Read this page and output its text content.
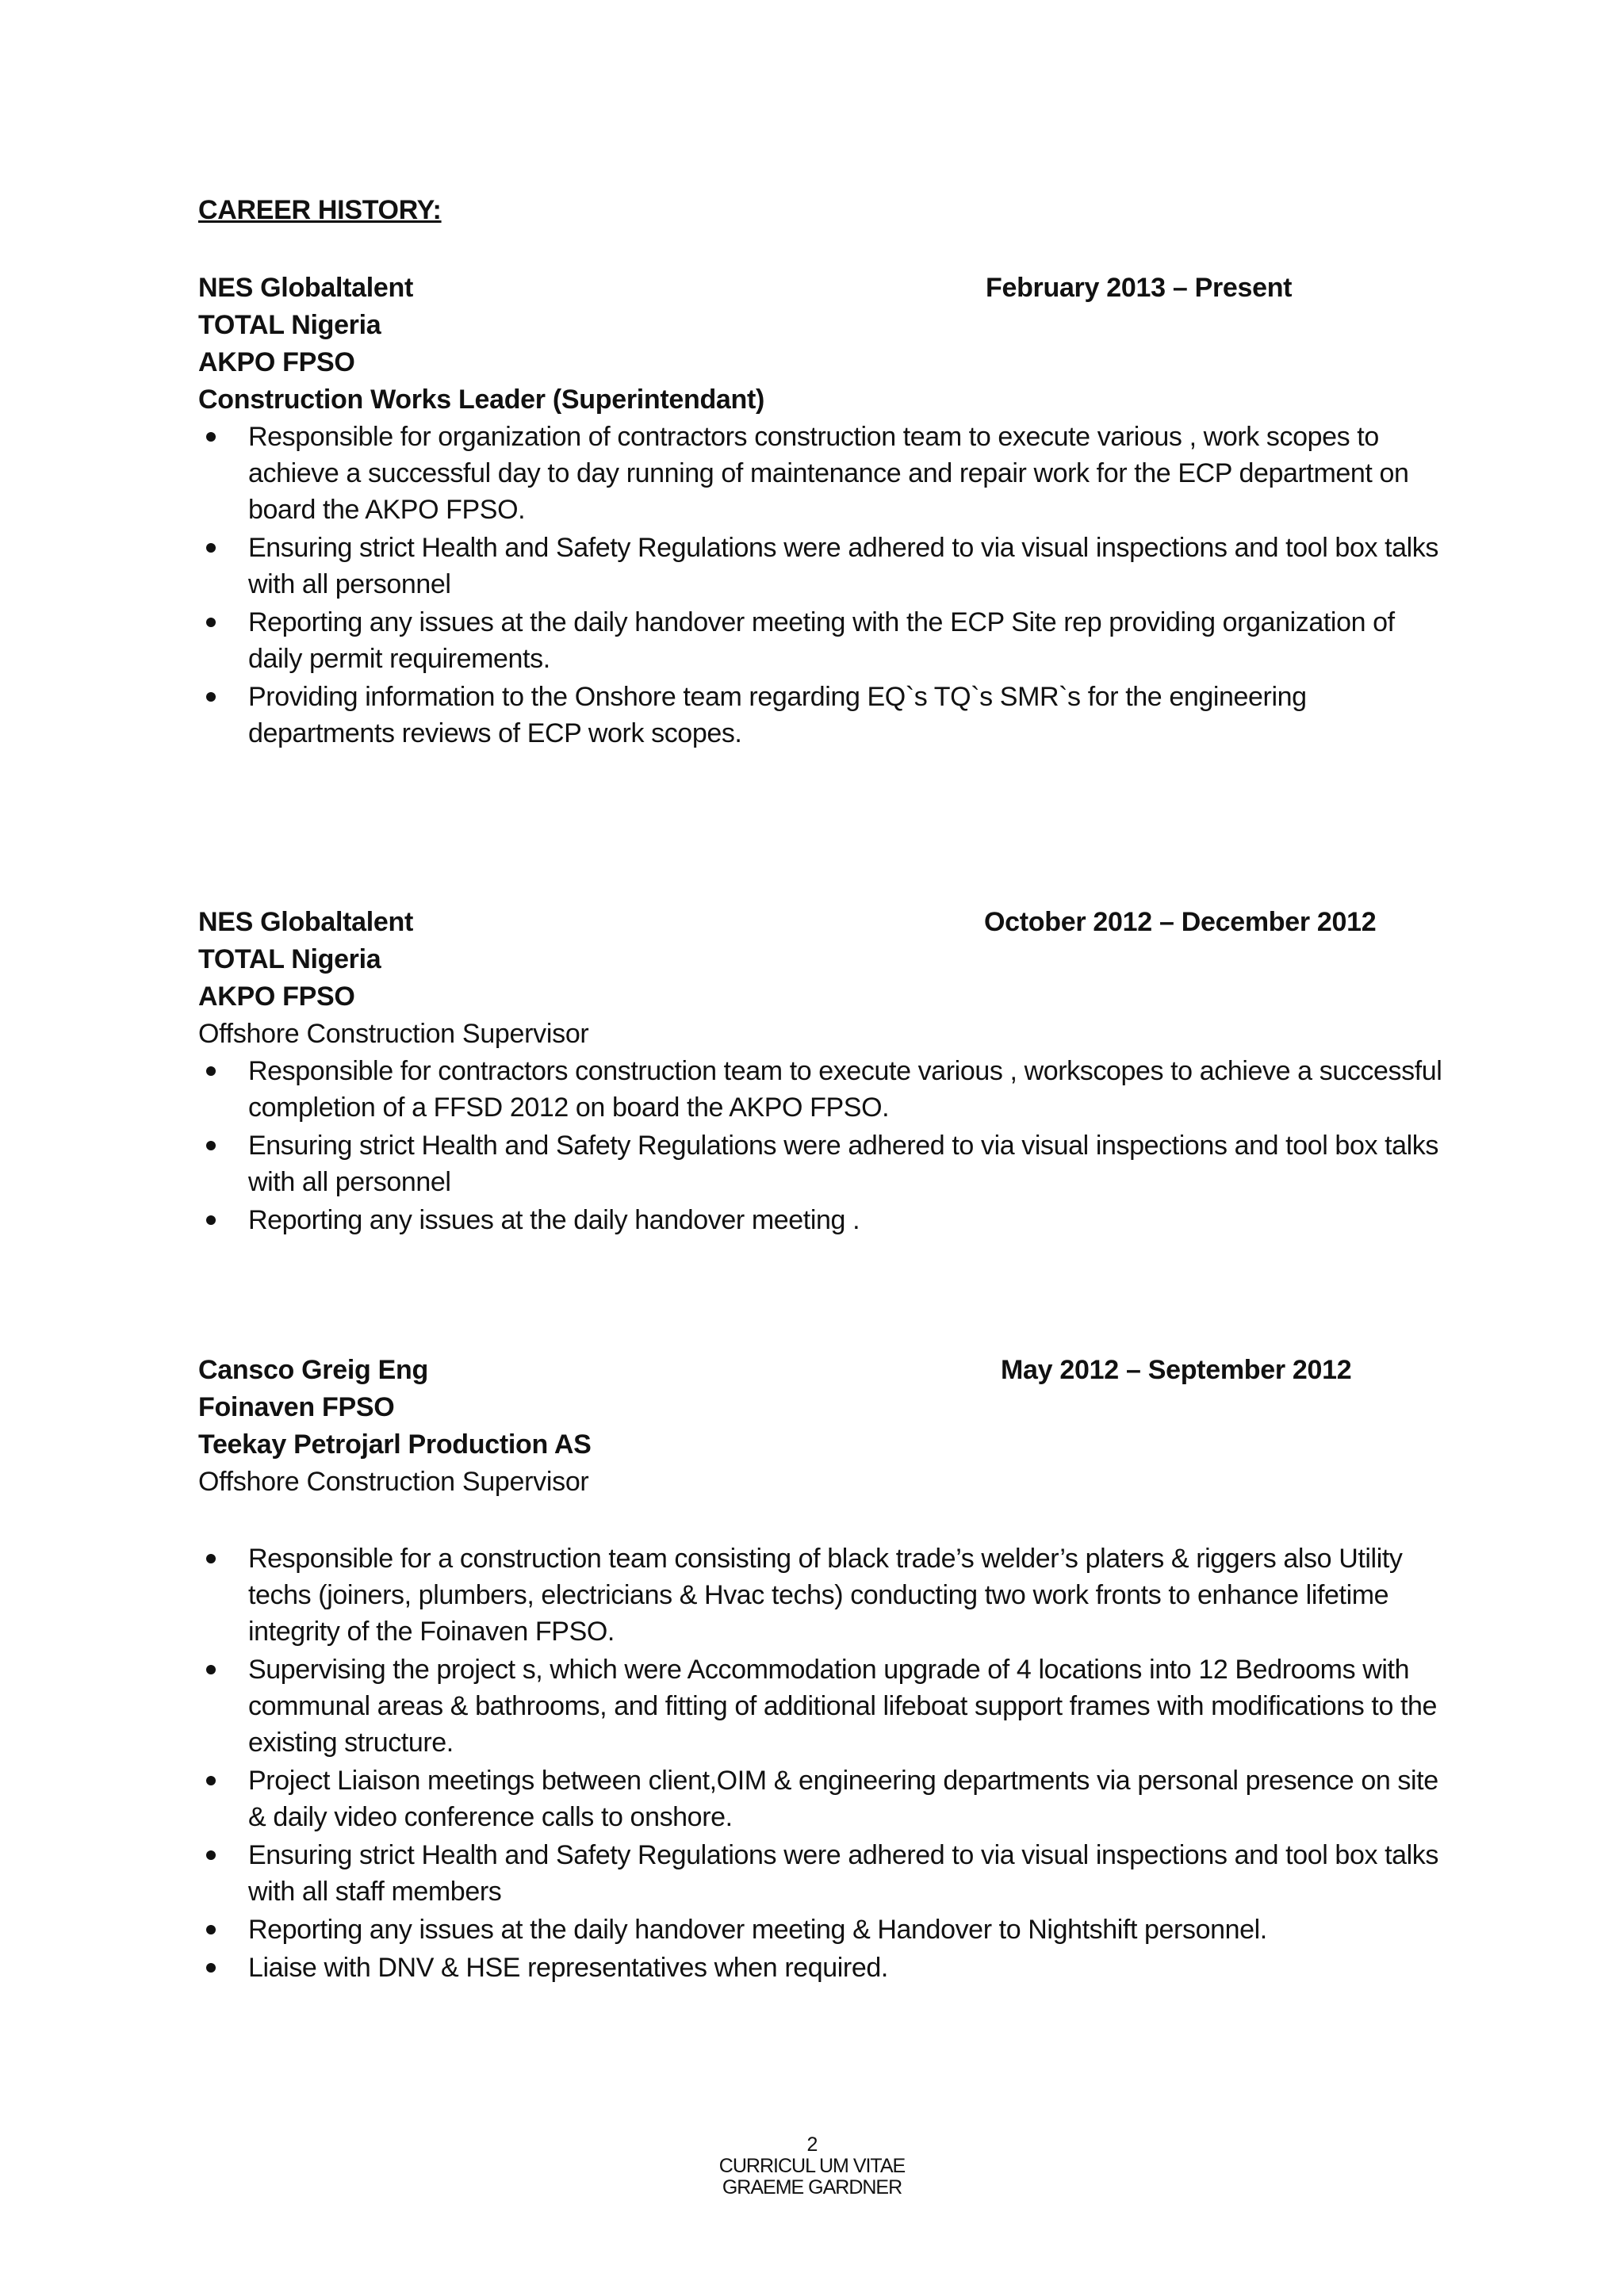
CAREER HISTORY:
NES Globaltalent	February 2013 – Present
TOTAL Nigeria
AKPO FPSO
Construction Works Leader (Superintendant)
Responsible for organization of contractors construction team to execute various , work scopes to achieve a successful day to day running of maintenance and repair work for the ECP department on board the AKPO FPSO.
Ensuring strict Health and Safety Regulations were adhered to via visual inspections and tool box talks with all personnel
Reporting any issues at the daily handover meeting with the ECP Site rep providing organization of daily permit requirements.
Providing information to the Onshore team regarding EQ`s TQ`s SMR`s for the engineering departments reviews of ECP work scopes.
NES Globaltalent	October 2012 – December 2012
TOTAL Nigeria
AKPO FPSO
Offshore Construction Supervisor
Responsible for contractors construction team to execute various , workscopes to achieve a successful completion of a FFSD 2012 on board the AKPO FPSO.
Ensuring strict Health and Safety Regulations were adhered to via visual inspections and tool box talks with all personnel
Reporting any issues at the daily handover meeting .
Cansco Greig Eng	May 2012 – September 2012
Foinaven FPSO
Teekay Petrojarl Production AS
Offshore Construction Supervisor
Responsible for a construction team consisting of black trade’s welder’s platers & riggers also Utility techs (joiners, plumbers, electricians & Hvac techs) conducting two work fronts to enhance lifetime integrity of the Foinaven FPSO.
Supervising the project s, which were Accommodation upgrade of 4 locations into 12 Bedrooms with communal areas & bathrooms, and fitting of additional lifeboat support frames with modifications to the existing structure.
Project Liaison meetings between client,OIM & engineering departments via personal presence on site & daily video conference calls to onshore.
Ensuring strict Health and Safety Regulations were adhered to via visual inspections and tool box talks with all staff members
Reporting any issues at the daily handover meeting & Handover to Nightshift personnel.
Liaise with DNV & HSE representatives when required.
2
CURRICUL UM VITAE
GRAEME GARDNER
